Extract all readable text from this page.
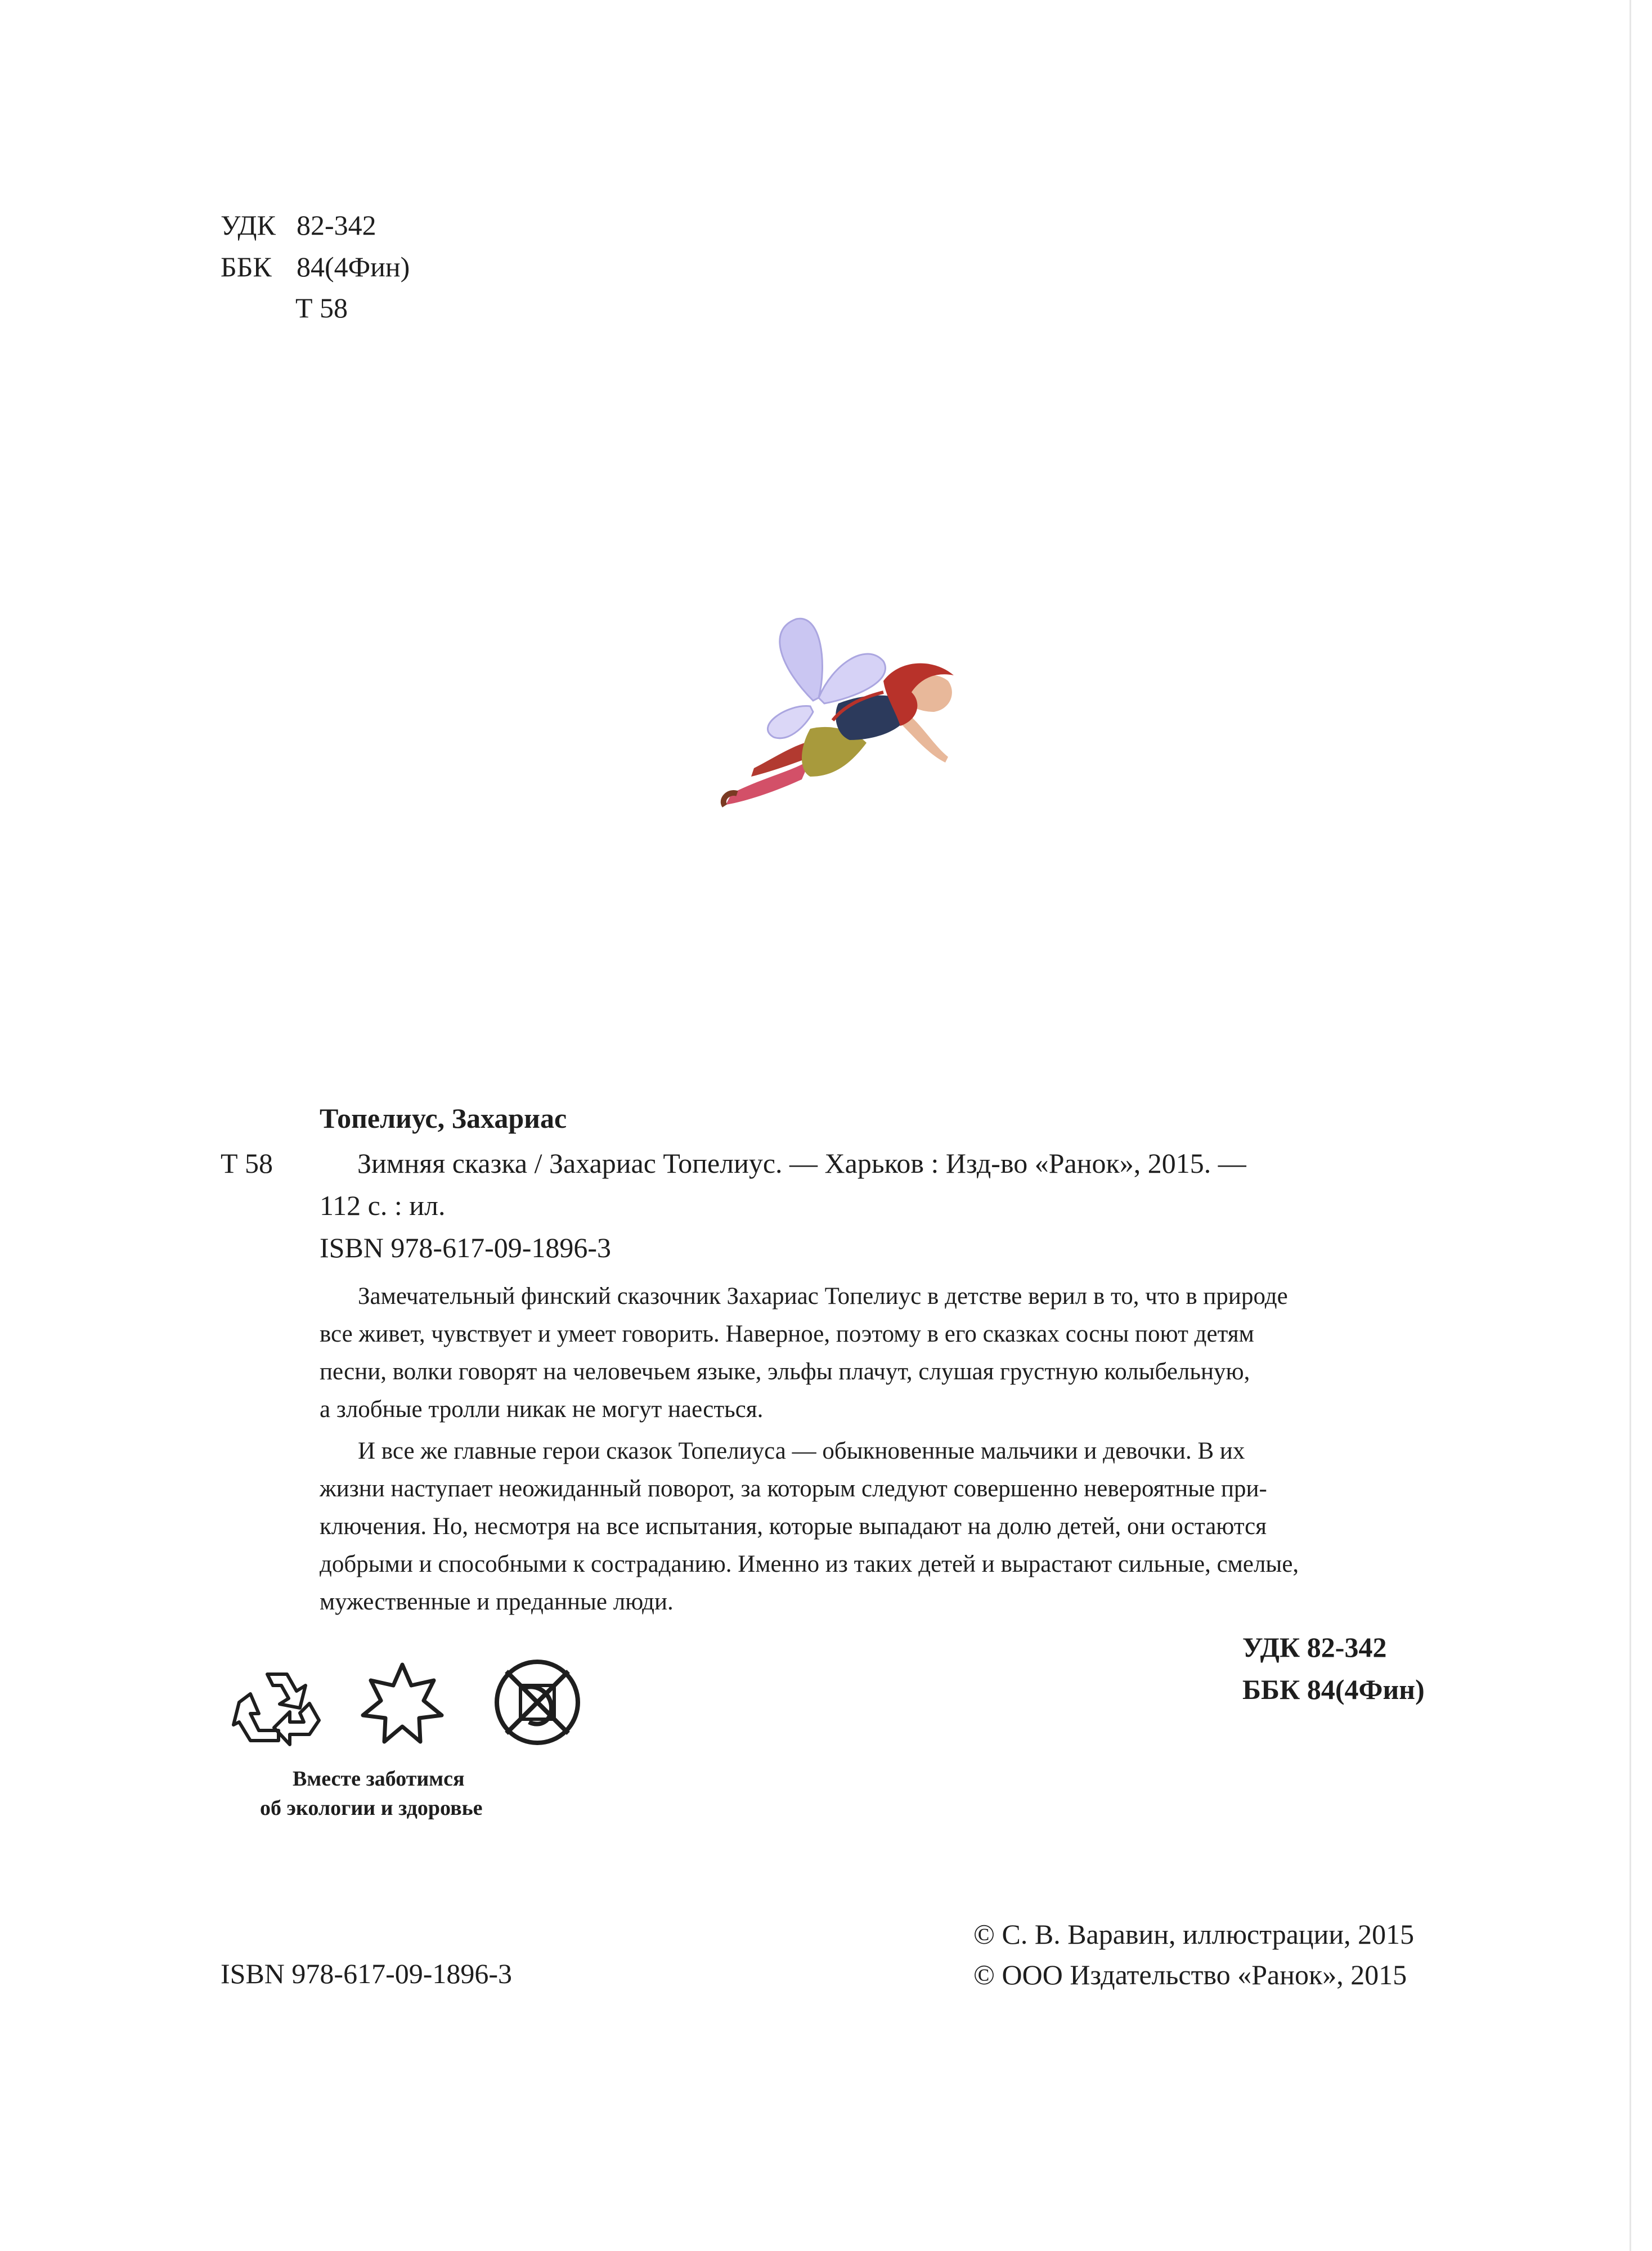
УДК 82-342
ББК 84(4Фин)
Т 58
Топелиус, Захариас
Т 58	Зимняя сказка / Захариас Топелиус. — Харьков : Изд-во «Ранок», 2015. —
112 с. : ил.
ISBN 978-617-09-1896-3
Замечательный финский сказочник Захариас Топелиус в детстве верил в то, что в природе
все живет, чувствует и умеет говорить. Наверное, поэтому в его сказках сосны поют детям
песни, волки говорят на человечьем языке, эльфы плачут, слушая грустную колыбельную,
а злобные тролли никак не могут наесться.
И все же главные герои сказок Топелиуса — обыкновенные мальчики и девочки. В их
жизни наступает неожиданный поворот, за которым следуют совершенно невероятные при-
ключения. Но, несмотря на все испытания, которые выпадают на долю детей, они остаются
добрыми и способными к состраданию. Именно из таких детей и вырастают сильные, смелые,
мужественные и преданные люди.
УДК 82-342
ББК 84(4Фин)
Вместе заботимся
об экологии и здоровье
ISBN 978-617-09-1896-3
© С. В. Варавин, иллюстрации, 2015
© ООО Издательство «Ранок», 2015
